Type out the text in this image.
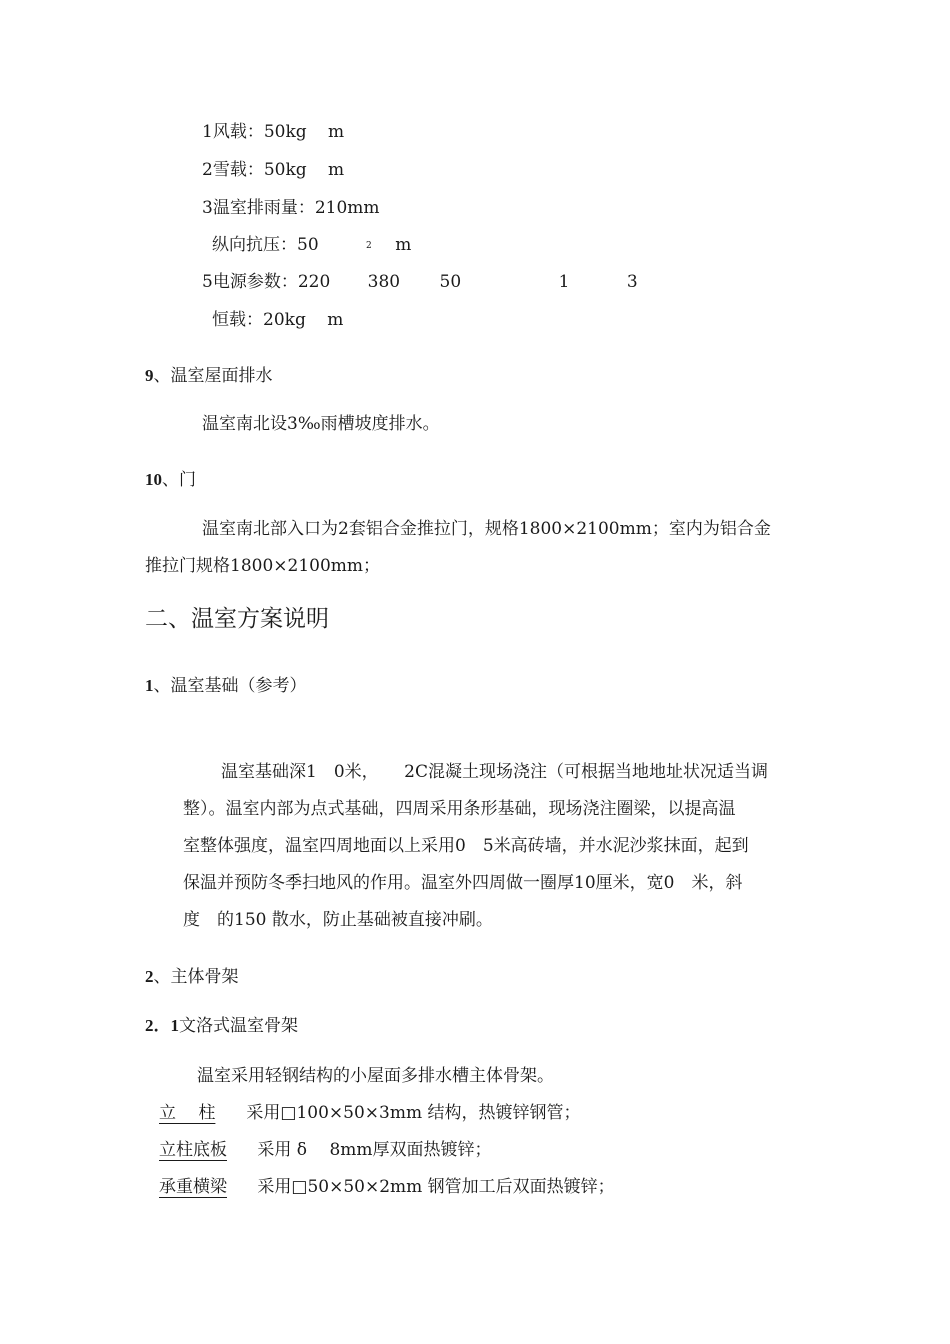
1风载：50kg m
2雪载：50kg m
3温室排雨量：210mm
纵向抗压：50	2 m
5电源参数：220 380 50	1	3
恒载：20kg m
9、温室屋面排水
温室南北设3‰雨槽坡度排水。
10、门
温室南北部入口为2套铝合金推拉门，规格1800×2100mm；室内为铝合金
推拉门规格1800×2100mm；
二、温室方案说明
1、温室基础（参考）
温室基础深1　0米，　　2C混凝土现场浇注（可根据当地地址状况适当调
整）。温室内部为点式基础，四周采用条形基础，现场浇注圈梁，以提高温
室整体强度，温室四周地面以上采用0　5米高砖墙，并水泥沙浆抹面，起到
保温并预防冬季扫地风的作用。温室外四周做一圈厚10厘米，宽0　米，斜
度　的150 散水，防止基础被直接冲刷。
2、主体骨架
2．1文洛式温室骨架
温室采用轻钢结构的小屋面多排水槽主体骨架。
立　 柱 采用□100×50×3mm 结构，热镀锌钢管；
立柱底板 采用 δ　 8mm厚双面热镀锌；
承重横梁 采用□50×50×2mm 钢管加工后双面热镀锌；
